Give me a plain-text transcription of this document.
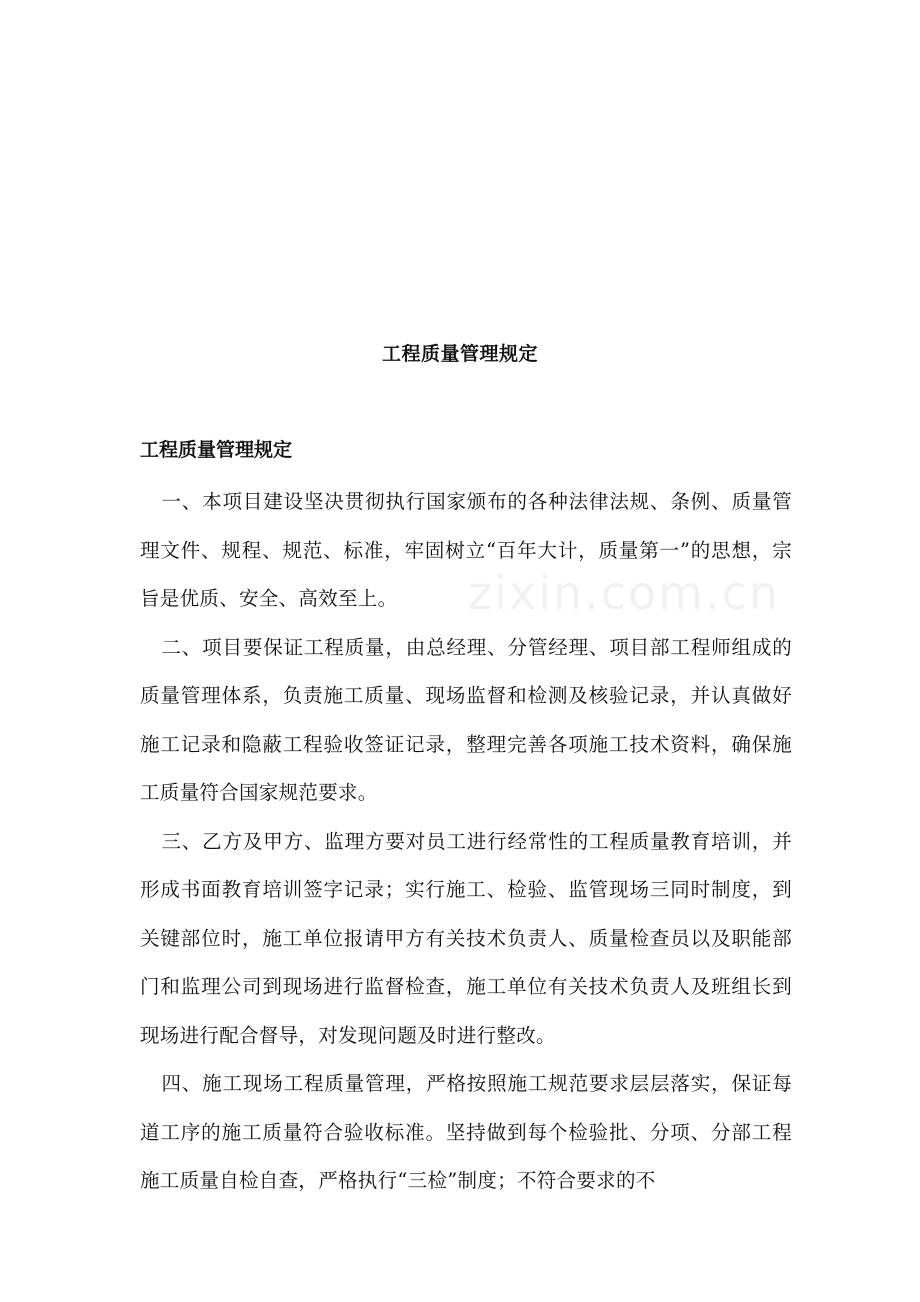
工程质量管理规定
工程质量管理规定

一、本项目建设坚决贯彻执行国家颁布的各种法律法规、条例、质量管理文件、规程、规范、标准，牢固树立“百年大计，质量第一”的思想，宗旨是优质、安全、高效至上。

二、项目要保证工程质量，由总经理、分管经理、项目部工程师组成的质量管理体系，负责施工质量、现场监督和检测及核验记录，并认真做好施工记录和隐蔽工程验收签证记录，整理完善各项施工技术资料，确保施工质量符合国家规范要求。

三、乙方及甲方、监理方要对员工进行经常性的工程质量教育培训，并形成书面教育培训签字记录；实行施工、检验、监管现场三同时制度，到关键部位时，施工单位报请甲方有关技术负责人、质量检查员以及职能部门和监理公司到现场进行监督检查，施工单位有关技术负责人及班组长到现场进行配合督导，对发现问题及时进行整改。

四、施工现场工程质量管理，严格按照施工规范要求层层落实，保证每道工序的施工质量符合验收标准。坚持做到每个检验批、分项、分部工程施工质量自检自查，严格执行“三检”制度；不符合要求的不

zixin.com.cn
